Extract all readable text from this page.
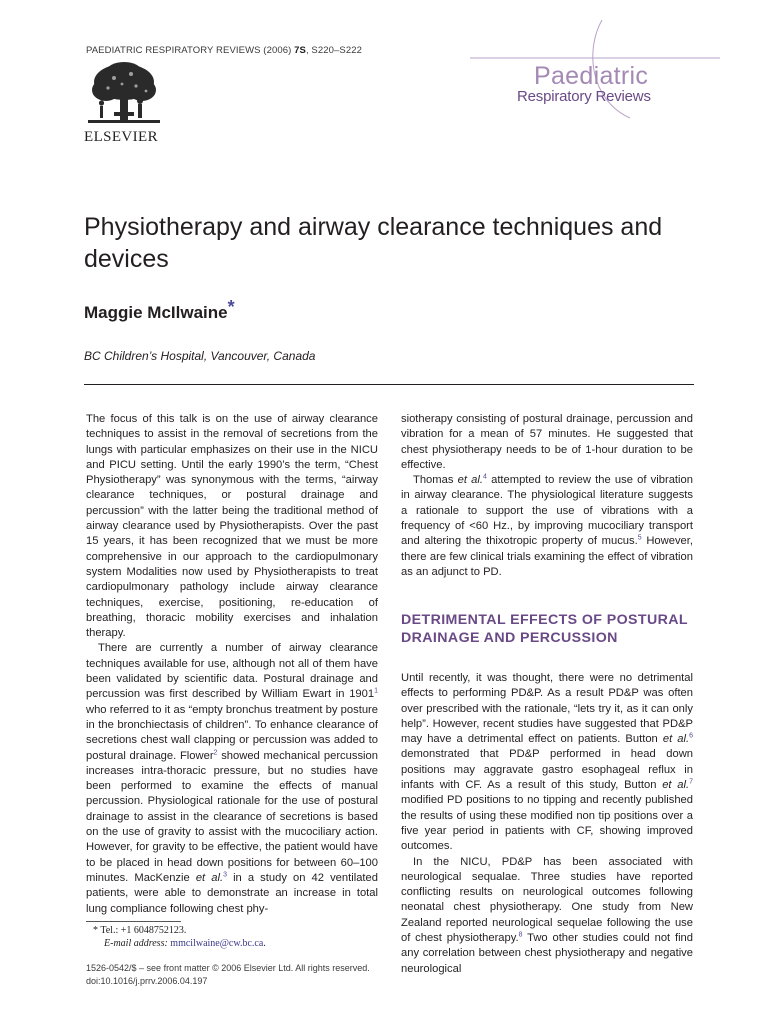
PAEDIATRIC RESPIRATORY REVIEWS (2006) 7S, S220–S222
ELSEVIER
Paediatric
Respiratory Reviews
Physiotherapy and airway clearance techniques and devices
Maggie McIlwaine*
BC Children’s Hospital, Vancouver, Canada

The focus of this talk is on the use of airway clearance techniques to assist in the removal of secretions from the lungs with particular emphasizes on their use in the NICU and PICU setting. Until the early 1990’s the term, “Chest Physiotherapy” was synonymous with the terms, “airway clearance techniques, or postural drainage and percussion” with the latter being the traditional method of airway clearance used by Physiotherapists. Over the past 15 years, it has been recognized that we must be more comprehensive in our approach to the cardiopulmonary system Modalities now used by Physiotherapists to treat cardiopulmonary pathology include airway clearance techniques, exercise, positioning, re-education of breathing, thoracic mobility exercises and inhalation therapy.

There are currently a number of airway clearance techniques available for use, although not all of them have been validated by scientific data. Postural drainage and percussion was first described by William Ewart in 1901$^1$ who referred to it as “empty bronchus treatment by posture in the bronchiectasis of children”. To enhance clearance of secretions chest wall clapping or percussion was added to postural drainage. Flower$^2$ showed mechanical percussion increases intra-thoracic pressure, but no studies have been performed to examine the effects of manual percussion. Physiological rationale for the use of postural drainage to assist in the clearance of secretions is based on the use of gravity to assist with the mucociliary action. However, for gravity to be effective, the patient would have to be placed in head down positions for between 60–100 minutes. MacKenzie et al.$^3$ in a study on 42 ventilated patients, were able to demonstrate an increase in total lung compliance following chest phy-

siotherapy consisting of postural drainage, percussion and vibration for a mean of 57 minutes. He suggested that chest physiotherapy needs to be of 1-hour duration to be effective.

Thomas et al.$^4$ attempted to review the use of vibration in airway clearance. The physiological literature suggests a rationale to support the use of vibrations with a frequency of <60 Hz., by improving mucociliary transport and altering the thixotropic property of mucus.$^5$ However, there are few clinical trials examining the effect of vibration as an adjunct to PD.

DETRIMENTAL EFFECTS OF POSTURAL DRAINAGE AND PERCUSSION

Until recently, it was thought, there were no detrimental effects to performing PD&P. As a result PD&P was often over prescribed with the rationale, “lets try it, as it can only help”. However, recent studies have suggested that PD&P may have a detrimental effect on patients. Button et al.$^6$ demonstrated that PD&P performed in head down positions may aggravate gastro esophageal reflux in infants with CF. As a result of this study, Button et al.$^7$ modified PD positions to no tipping and recently published the results of using these modified non tip positions over a five year period in patients with CF, showing improved outcomes.

In the NICU, PD&P has been associated with neurological sequalae. Three studies have reported conflicting results on neurological outcomes following neonatal chest physiotherapy. One study from New Zealand reported neurological sequelae following the use of chest physiotherapy.$^8$ Two other studies could not find any correlation between chest physiotherapy and negative neurological

* Tel.: +1 6048752123.
E-mail address: mmcilwaine@cw.bc.ca.
1526-0542/$ – see front matter © 2006 Elsevier Ltd. All rights reserved.
doi:10.1016/j.prrv.2006.04.197
